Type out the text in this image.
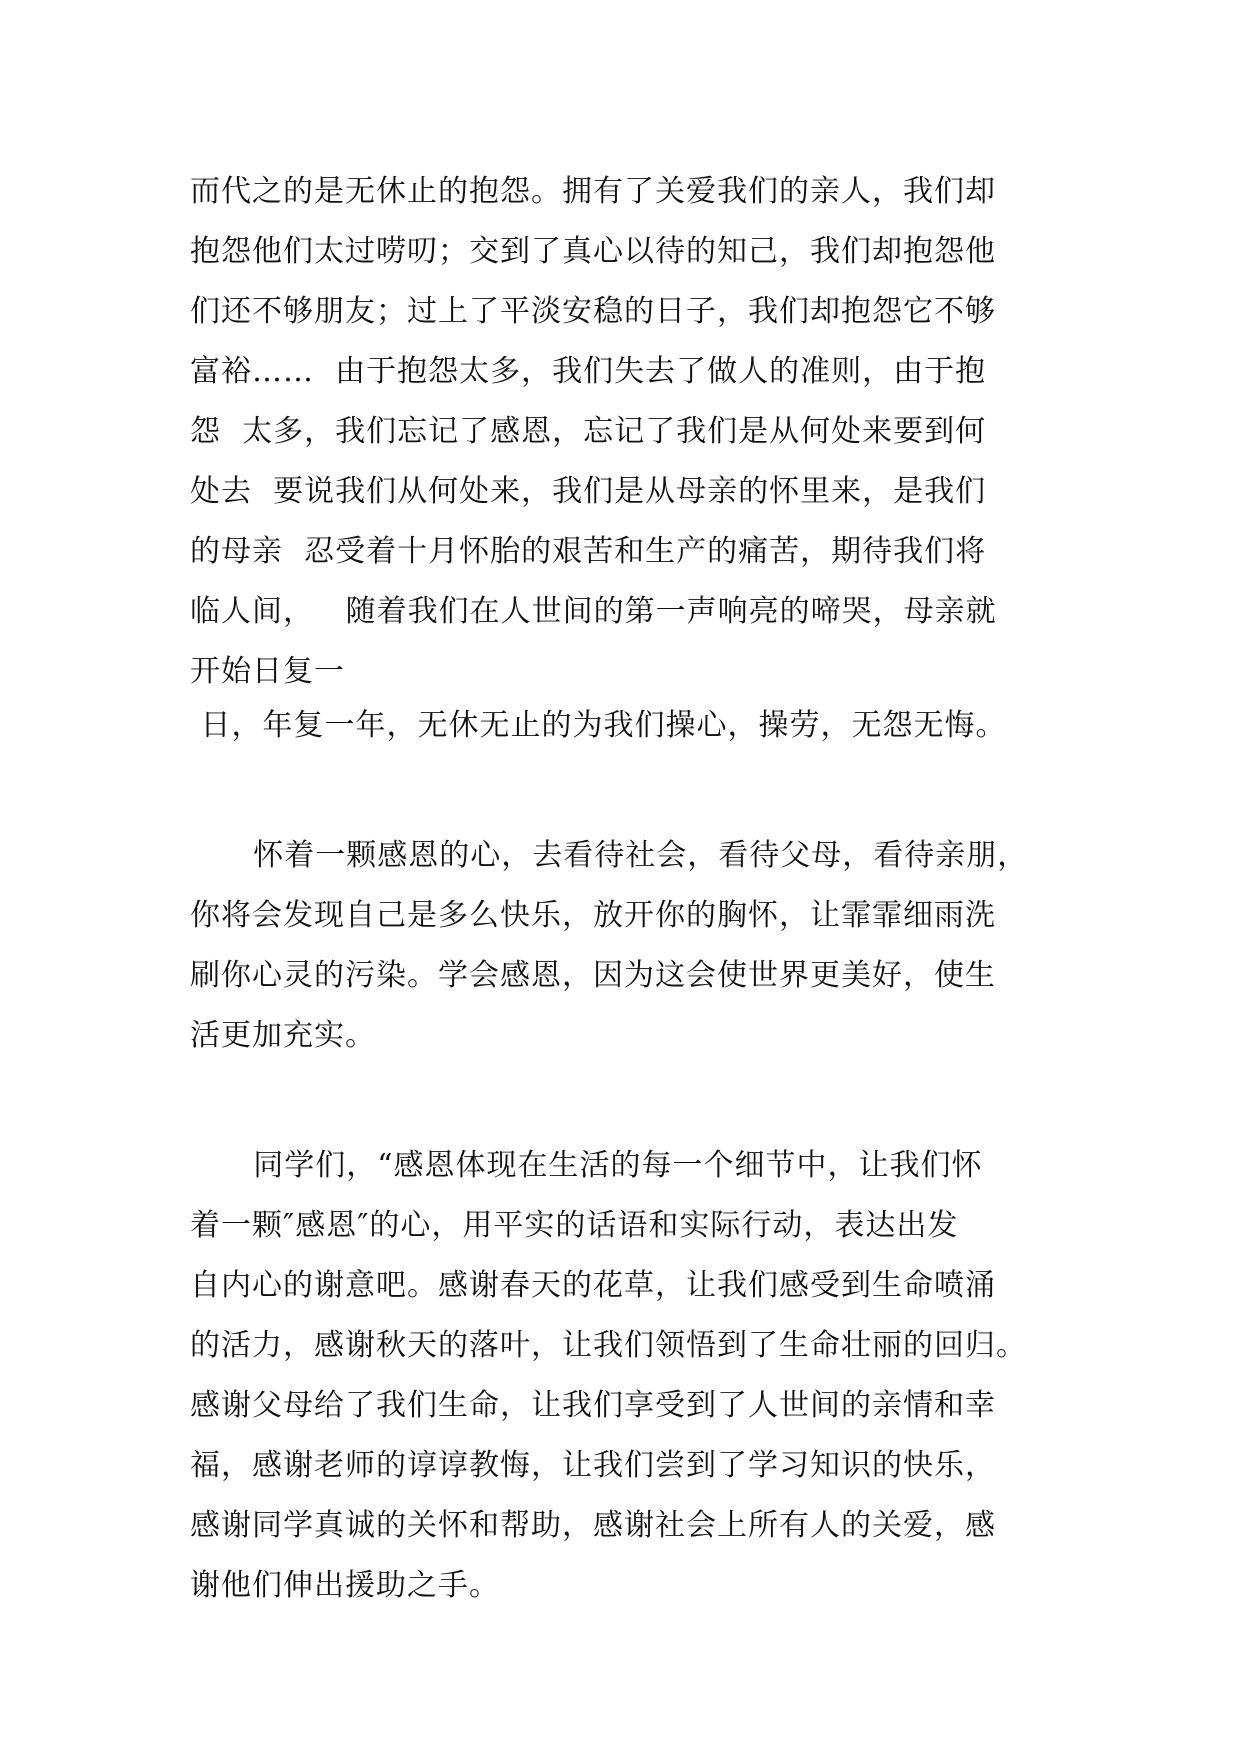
而代之的是无休止的抱怨。拥有了关爱我们的亲人，我们却
抱怨他们太过唠叨；交到了真心以待的知己，我们却抱怨他
们还不够朋友；过上了平淡安稳的日子，我们却抱怨它不够
富裕……  由于抱怨太多，我们失去了做人的准则，由于抱
怨  太多，我们忘记了感恩，忘记了我们是从何处来要到何
处去  要说我们从何处来，我们是从母亲的怀里来，是我们
的母亲  忍受着十月怀胎的艰苦和生产的痛苦，期待我们将
临人间，   随着我们在人世间的第一声响亮的啼哭，母亲就
开始日复一
日，年复一年，无休无止的为我们操心，操劳，无怨无悔。
怀着一颗感恩的心，去看待社会，看待父母，看待亲朋，
你将会发现自己是多么快乐，放开你的胸怀，让霏霏细雨洗
刷你心灵的污染。学会感恩，因为这会使世界更美好，使生
活更加充实。
同学们，“感恩体现在生活的每一个细节中，让我们怀
着一颗″感恩″的心，用平实的话语和实际行动，表达出发
自内心的谢意吧。感谢春天的花草，让我们感受到生命喷涌
的活力，感谢秋天的落叶，让我们领悟到了生命壮丽的回归。
感谢父母给了我们生命，让我们享受到了人世间的亲情和幸
福，感谢老师的谆谆教悔，让我们尝到了学习知识的快乐，
感谢同学真诚的关怀和帮助，感谢社会上所有人的关爱，感
谢他们伸出援助之手。
